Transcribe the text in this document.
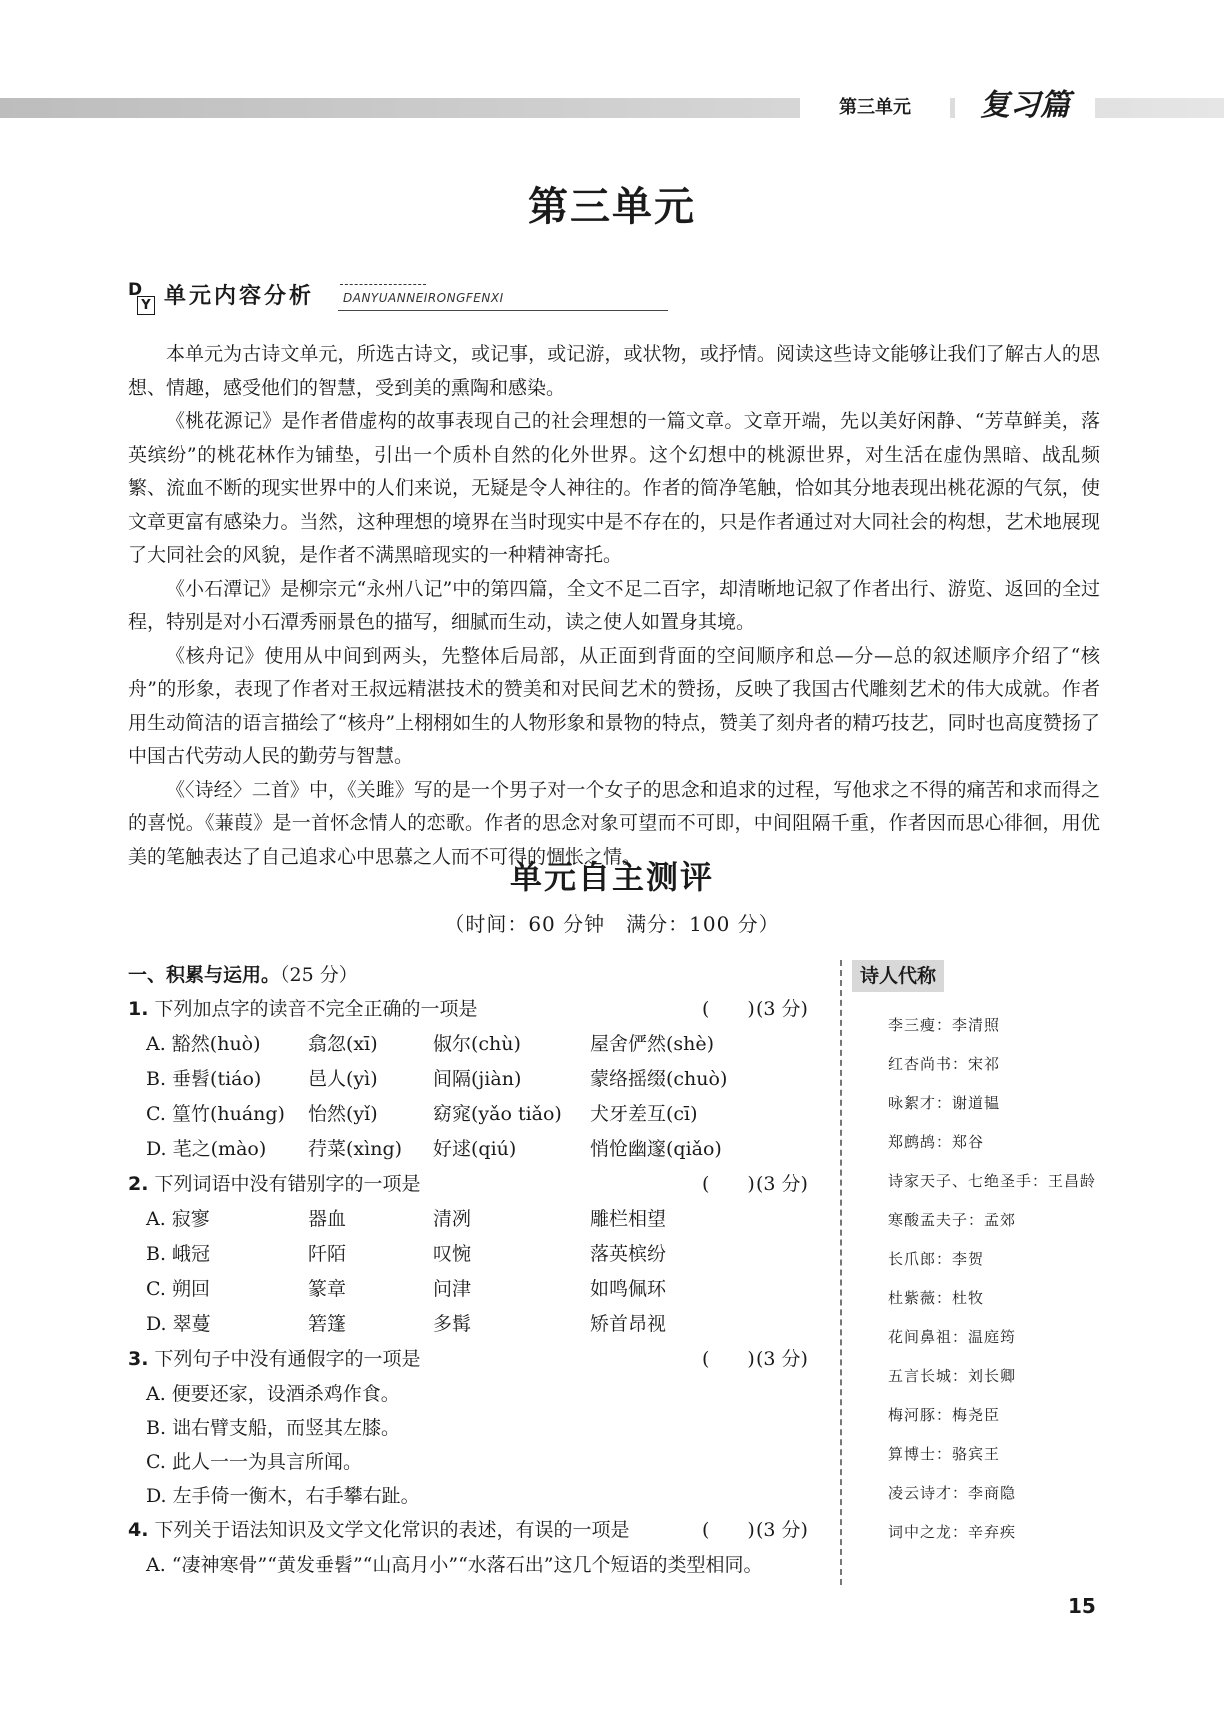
第三单元	复习篇
第三单元
D
Y 单元内容分析 DANYUANNEIRONGFENXI

本单元为古诗文单元，所选古诗文，或记事，或记游，或状物，或抒情。阅读这些诗文能够让我们了解古人的思想、情趣，感受他们的智慧，受到美的熏陶和感染。

《桃花源记》是作者借虚构的故事表现自己的社会理想的一篇文章。文章开端，先以美好闲静、“芳草鲜美，落英缤纷”的桃花林作为铺垫，引出一个质朴自然的化外世界。这个幻想中的桃源世界，对生活在虚伪黑暗、战乱频繁、流血不断的现实世界中的人们来说，无疑是令人神往的。作者的简净笔触，恰如其分地表现出桃花源的气氛，使文章更富有感染力。当然，这种理想的境界在当时现实中是不存在的，只是作者通过对大同社会的构想，艺术地展现了大同社会的风貌，是作者不满黑暗现实的一种精神寄托。

《小石潭记》是柳宗元“永州八记”中的第四篇，全文不足二百字，却清晰地记叙了作者出行、游览、返回的全过程，特别是对小石潭秀丽景色的描写，细腻而生动，读之使人如置身其境。

《核舟记》使用从中间到两头，先整体后局部，从正面到背面的空间顺序和总—分—总的叙述顺序介绍了“核舟”的形象，表现了作者对王叔远精湛技术的赞美和对民间艺术的赞扬，反映了我国古代雕刻艺术的伟大成就。作者用生动简洁的语言描绘了“核舟”上栩栩如生的人物形象和景物的特点，赞美了刻舟者的精巧技艺，同时也高度赞扬了中国古代劳动人民的勤劳与智慧。

《〈诗经〉二首》中，《关雎》写的是一个男子对一个女子的思念和追求的过程，写他求之不得的痛苦和求而得之的喜悦。《蒹葭》是一首怀念情人的恋歌。作者的思念对象可望而不可即，中间阻隔千重，作者因而思心徘徊，用优美的笔触表达了自己追求心中思慕之人而不可得的惆怅之情。

单元自主测评
（时间：60 分钟　满分：100 分）
一、积累与运用。（25 分）
1. 下列加点字的读音不完全正确的一项是	(　　) (3 分)
A. 豁然(huò) 翕忽(xī)	俶尔(chù)	屋舍俨然(shè)
B. 垂髫(tiáo) 邑人(yì)	间隔(jiàn)	蒙络摇缀(chuò)
C. 篁竹(huáng) 怡然(yǐ)	窈窕(yǎo tiǎo) 犬牙差互(cī)
D. 芼之(mào) 荇菜(xìng) 好逑(qiú)	悄怆幽邃(qiǎo)
2. 下列词语中没有错别字的一项是	(　　) (3 分)
A. 寂寥	器血	清冽	雕栏相望
B. 峨冠	阡陌	叹惋	落英槟纷
C. 朔回	篆章	问津	如鸣佩环
D. 翠蔓	箬篷	多髯	矫首昂视
3. 下列句子中没有通假字的一项是	(　　) (3 分)
A. 便要还家，设酒杀鸡作食。
B. 诎右臂支船，而竖其左膝。
C. 此人一一为具言所闻。
D. 左手倚一衡木，右手攀右趾。
4. 下列关于语法知识及文学文化常识的表述，有误的一项是	(　　) (3 分)
A. “凄神寒骨”“黄发垂髫”“山高月小”“水落石出”这几个短语的类型相同。
诗人代称
李三瘦：李清照
红杏尚书：宋祁
咏絮才：谢道韫
郑鹧鸪：郑谷
诗家天子、七绝圣手：王昌龄
寒酸孟夫子：孟郊
长爪郎：李贺
杜紫薇：杜牧
花间鼻祖：温庭筠
五言长城：刘长卿
梅河豚：梅尧臣
算博士：骆宾王
凌云诗才：李商隐
词中之龙：辛弃疾
15
